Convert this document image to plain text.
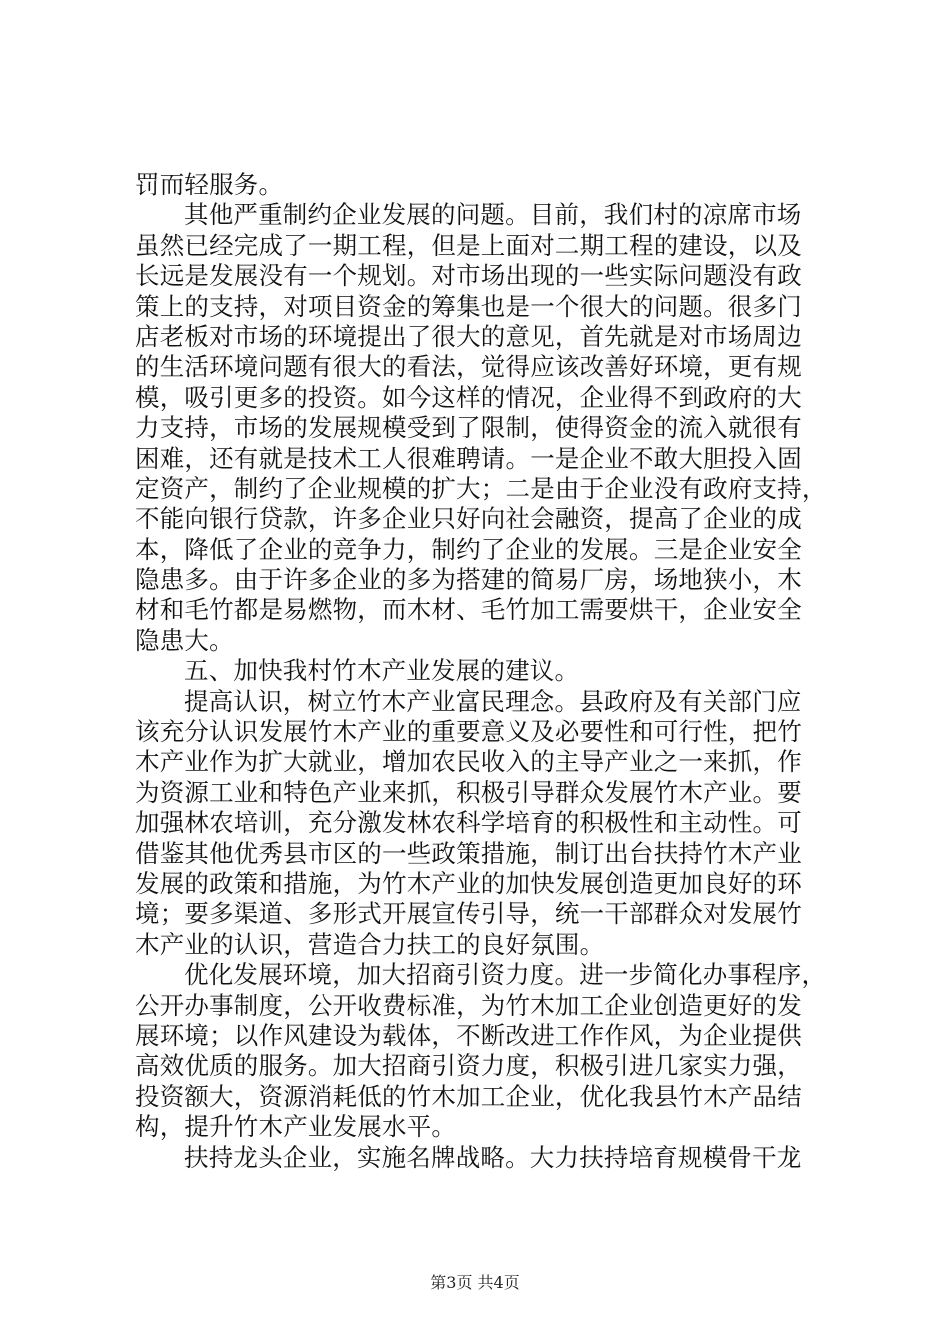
罚而轻服务。
其他严重制约企业发展的问题。目前，我们村的凉席市场
虽然已经完成了一期工程，但是上面对二期工程的建设，以及
长远是发展没有一个规划。对市场出现的一些实际问题没有政
策上的支持，对项目资金的筹集也是一个很大的问题。很多门
店老板对市场的环境提出了很大的意见，首先就是对市场周边
的生活环境问题有很大的看法，觉得应该改善好环境，更有规
模，吸引更多的投资。如今这样的情况，企业得不到政府的大
力支持，市场的发展规模受到了限制，使得资金的流入就很有
困难，还有就是技术工人很难聘请。一是企业不敢大胆投入固
定资产，制约了企业规模的扩大；二是由于企业没有政府支持，
不能向银行贷款，许多企业只好向社会融资，提高了企业的成
本，降低了企业的竞争力，制约了企业的发展。三是企业安全
隐患多。由于许多企业的多为搭建的简易厂房，场地狭小，木
材和毛竹都是易燃物，而木材、毛竹加工需要烘干，企业安全
隐患大。
五、加快我村竹木产业发展的建议。
提高认识，树立竹木产业富民理念。县政府及有关部门应
该充分认识发展竹木产业的重要意义及必要性和可行性，把竹
木产业作为扩大就业，增加农民收入的主导产业之一来抓，作
为资源工业和特色产业来抓，积极引导群众发展竹木产业。要
加强林农培训，充分激发林农科学培育的积极性和主动性。可
借鉴其他优秀县市区的一些政策措施，制订出台扶持竹木产业
发展的政策和措施，为竹木产业的加快发展创造更加良好的环
境；要多渠道、多形式开展宣传引导，统一干部群众对发展竹
木产业的认识，营造合力扶工的良好氛围。
优化发展环境，加大招商引资力度。进一步简化办事程序，
公开办事制度，公开收费标准，为竹木加工企业创造更好的发
展环境；以作风建设为载体，不断改进工作作风，为企业提供
高效优质的服务。加大招商引资力度，积极引进几家实力强，
投资额大，资源消耗低的竹木加工企业，优化我县竹木产品结
构，提升竹木产业发展水平。
扶持龙头企业，实施名牌战略。大力扶持培育规模骨干龙
第3页 共4页
